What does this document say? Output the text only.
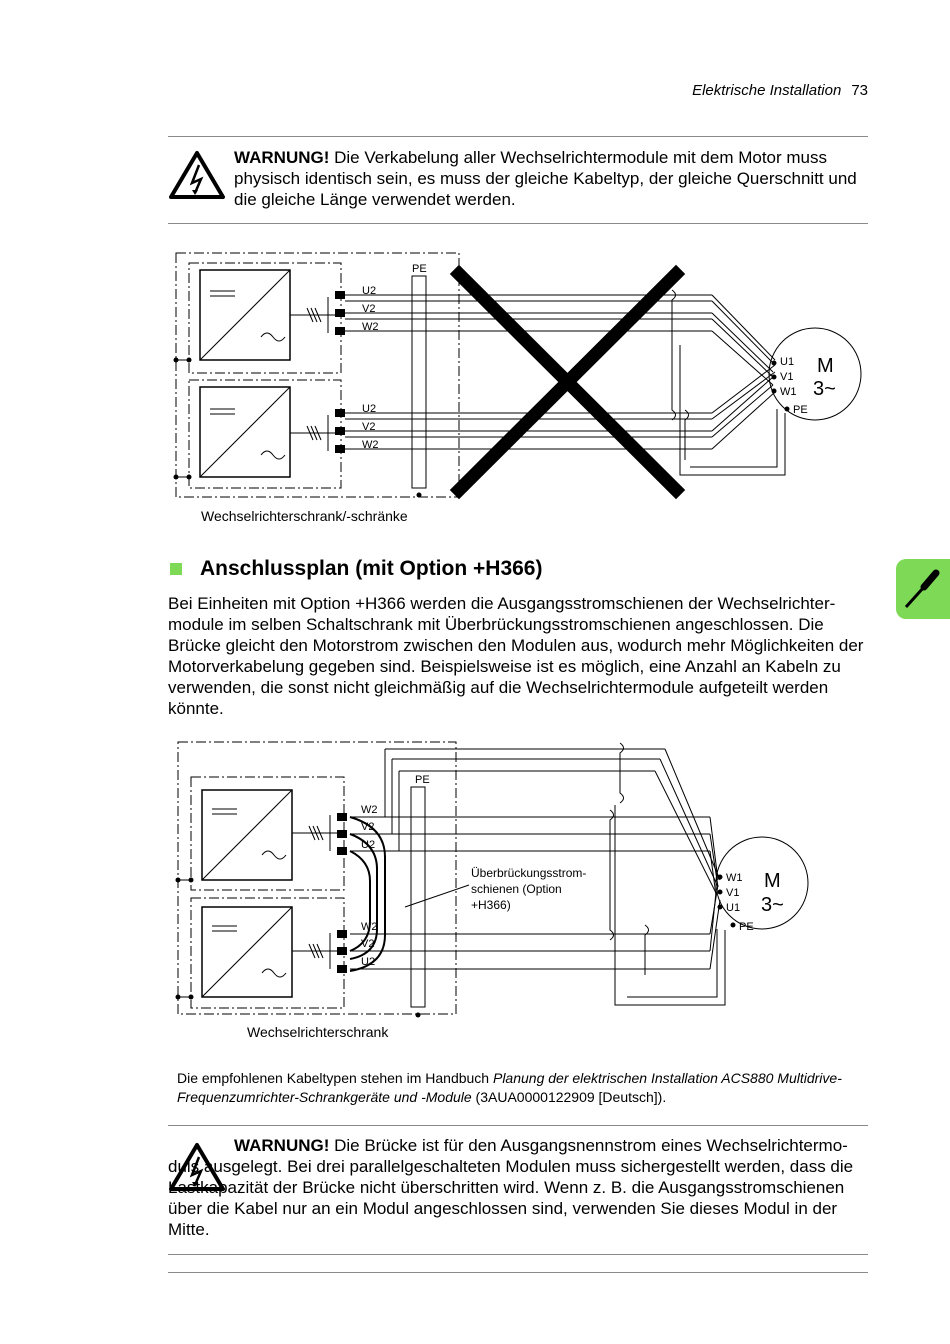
Elektrische Installation 73
WARNUNG! Die Verkabelung aller Wechselrichtermodule mit dem Motor muss physisch identisch sein, es muss der gleiche Kabeltyp, der gleiche Querschnitt und die gleiche Länge verwendet werden.
U2
V2
W2
U2
V2
W2
PE
U1
V1
W1
PE
M
3~
Wechselrichterschrank/-schränke
Anschlussplan (mit Option +H366)

Bei Einheiten mit Option +H366 werden die Ausgangsstromschienen der Wechselrichtermodule im selben Schaltschrank mit Überbrückungsstromschienen angeschlossen. Die Brücke gleicht den Motorstrom zwischen den Modulen aus, wodurch mehr Möglichkeiten der Motorverkabelung gegeben sind. Beispielsweise ist es möglich, eine Anzahl an Kabeln zu verwenden, die sonst nicht gleichmäßig auf die Wechselrichtermodule aufgeteilt werden könnte.

W2
V2
U2
W2
V2
U2
PE
Überbrückungsstrom-
schienen (Option
+H366)
W1
V1
U1
PE
M
3~
Wechselrichterschrank
Die empfohlenen Kabeltypen stehen im Handbuch Planung der elektrischen Installation ACS880 Multidrive-Frequenzumrichter-Schrankgeräte und -Module (3AUA0000122909 [Deutsch]).
WARNUNG! Die Brücke ist für den Ausgangsnennstrom eines Wechselrichtermoduls ausgelegt. Bei drei parallelgeschalteten Modulen muss sichergestellt werden, dass die Lastkapazität der Brücke nicht überschritten wird. Wenn z. B. die Ausgangsstromschienen über die Kabel nur an ein Modul angeschlossen sind, verwenden Sie dieses Modul in der Mitte.
